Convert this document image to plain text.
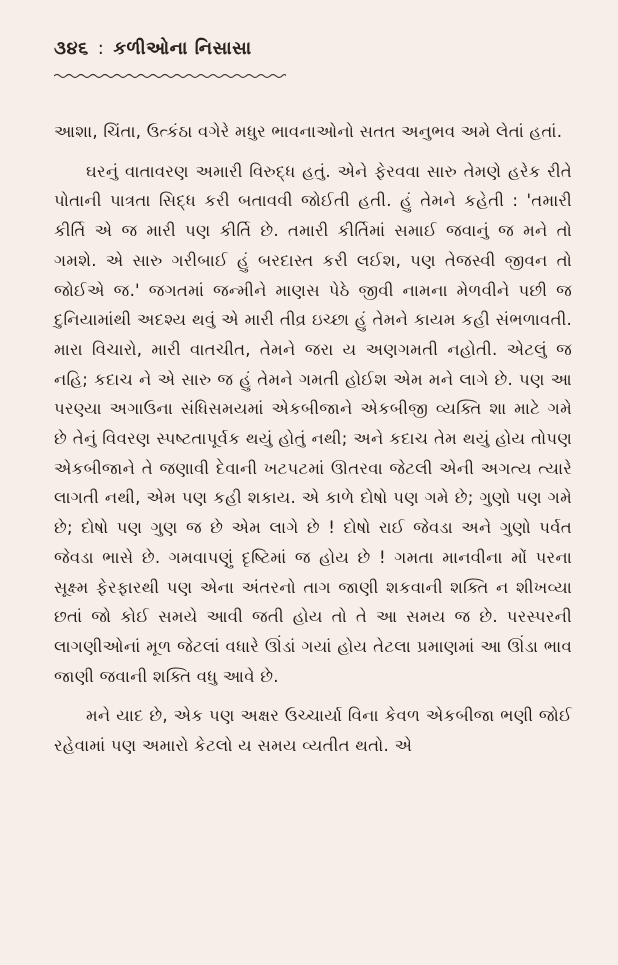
૩૪૬ : કળીઓના નિસાસા

આશા, ચિંતા, ઉત્કંઠા વગેરે મધુર ભાવનાઓનો સતત અનુભવ અમે લેતાં હતાં.

ઘરનું વાતાવરણ અમારી વિરુદ્ધ હતું. એને ફેરવવા સારુ તેમણે હરેક રીતે પોતાની પાત્રતા સિદ્ધ કરી બતાવવી જોઈતી હતી. હું તેમને કહેતી : 'તમારી કીર્તિ એ જ મારી પણ કીર્તિ છે. તમારી કીર્તિમાં સમાઈ જવાનું જ મને તો ગમશે. એ સારુ ગરીબાઈ હું બરદાસ્ત કરી લઈશ, પણ તેજસ્વી જીવન તો જોઈએ જ.' જગતમાં જન્મીને માણસ પેઠે જીવી નામના મેળવીને પછી જ દુનિયામાંથી અદશ્ય થવું એ મારી તીવ્ર ઇચ્છા હું તેમને કાયમ કહી સંભળાવતી. મારા વિચારો, મારી વાતચીત, તેમને જરા ય અણગમતી નહોતી. એટલું જ નહિ; કદાચ ને એ સારુ જ હું તેમને ગમતી હોઈશ એમ મને લાગે છે. પણ આ પરણ્યા અગાઉના સંધિસમયમાં એકબીજાને એકબીજી વ્યક્તિ શા માટે ગમે છે તેનું વિવરણ સ્પષ્ટતાપૂર્વક થયું હોતું નથી; અને કદાચ તેમ થયું હોય તોપણ એકબીજાને તે જણાવી દેવાની ખટપટમાં ઊતરવા જેટલી એની અગત્ય ત્યારે લાગતી નથી, એમ પણ કહી શકાય. એ કાળે દોષો પણ ગમે છે; ગુણો પણ ગમે છે; દોષો પણ ગુણ જ છે એમ લાગે છે ! દોષો રાઈ જેવડા અને ગુણો પર્વત જેવડા ભાસે છે. ગમવાપણું દૃષ્ટિમાં જ હોય છે ! ગમતા માનવીના મોં પરના સૂક્ષ્મ ફેરફારથી પણ એના અંતરનો તાગ જાણી શકવાની શક્તિ ન શીખવ્યા છતાં જો કોઈ સમયે આવી જતી હોય તો તે આ સમય જ છે. પરસ્પરની લાગણીઓનાં મૂળ જેટલાં વધારે ઊંડાં ગયાં હોય તેટલા પ્રમાણમાં આ ઊંડા ભાવ જાણી જવાની શક્તિ વધુ આવે છે.

મને યાદ છે, એક પણ અક્ષર ઉચ્ચાર્યા વિના કેવળ એકબીજા ભણી જોઈ રહેવામાં પણ અમારો કેટલો ય સમય વ્યતીત થતો. એ
